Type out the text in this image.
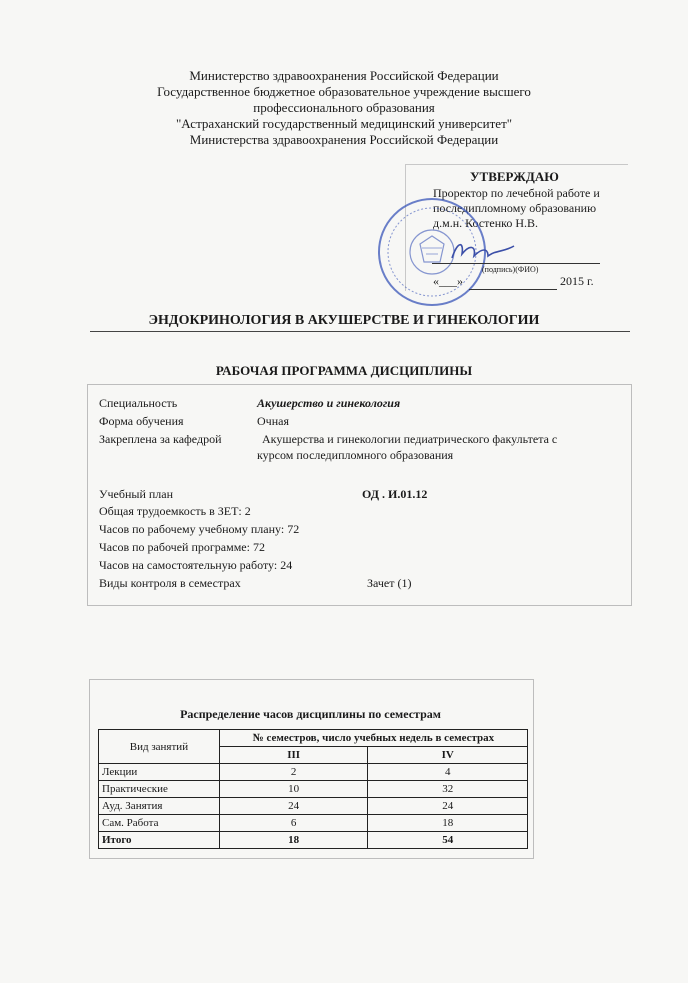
Министерство здравоохранения Российской Федерации
Государственное бюджетное образовательное учреждение высшего
профессионального образования
"Астраханский государственный медицинский университет"
Министерства здравоохранения Российской Федерации
УТВЕРЖДАЮ
Проректор по лечебной работе и
последипломному образованию
д.м.н. Костенко Н.В.
(подпись)(ФИО)
«___»	2015 г.
ЭНДОКРИНОЛОГИЯ В АКУШЕРСТВЕ И ГИНЕКОЛОГИИ
РАБОЧАЯ ПРОГРАММА ДИСЦИПЛИНЫ
Специальность	Акушерство и гинекология
Форма обучения	Очная
Закреплена за кафедрой	Акушерства и гинекологии педиатрического факультета с
курсом последипломного образования
Учебный план	ОД . И.01.12
Общая трудоемкость в ЗЕТ: 2
Часов по рабочему учебному плану: 72
Часов по рабочей программе: 72
Часов на самостоятельную работу: 24
Виды контроля в семестрах	Зачет (1)
Распределение часов дисциплины по семестрам
Вид занятий	№ семестров, число учебных недель в семестрах	
	III	IV
Лекции	2	4
Практические	10	32
Ауд. Занятия	24	24
Сам. Работа	6	18
Итого	18	54
